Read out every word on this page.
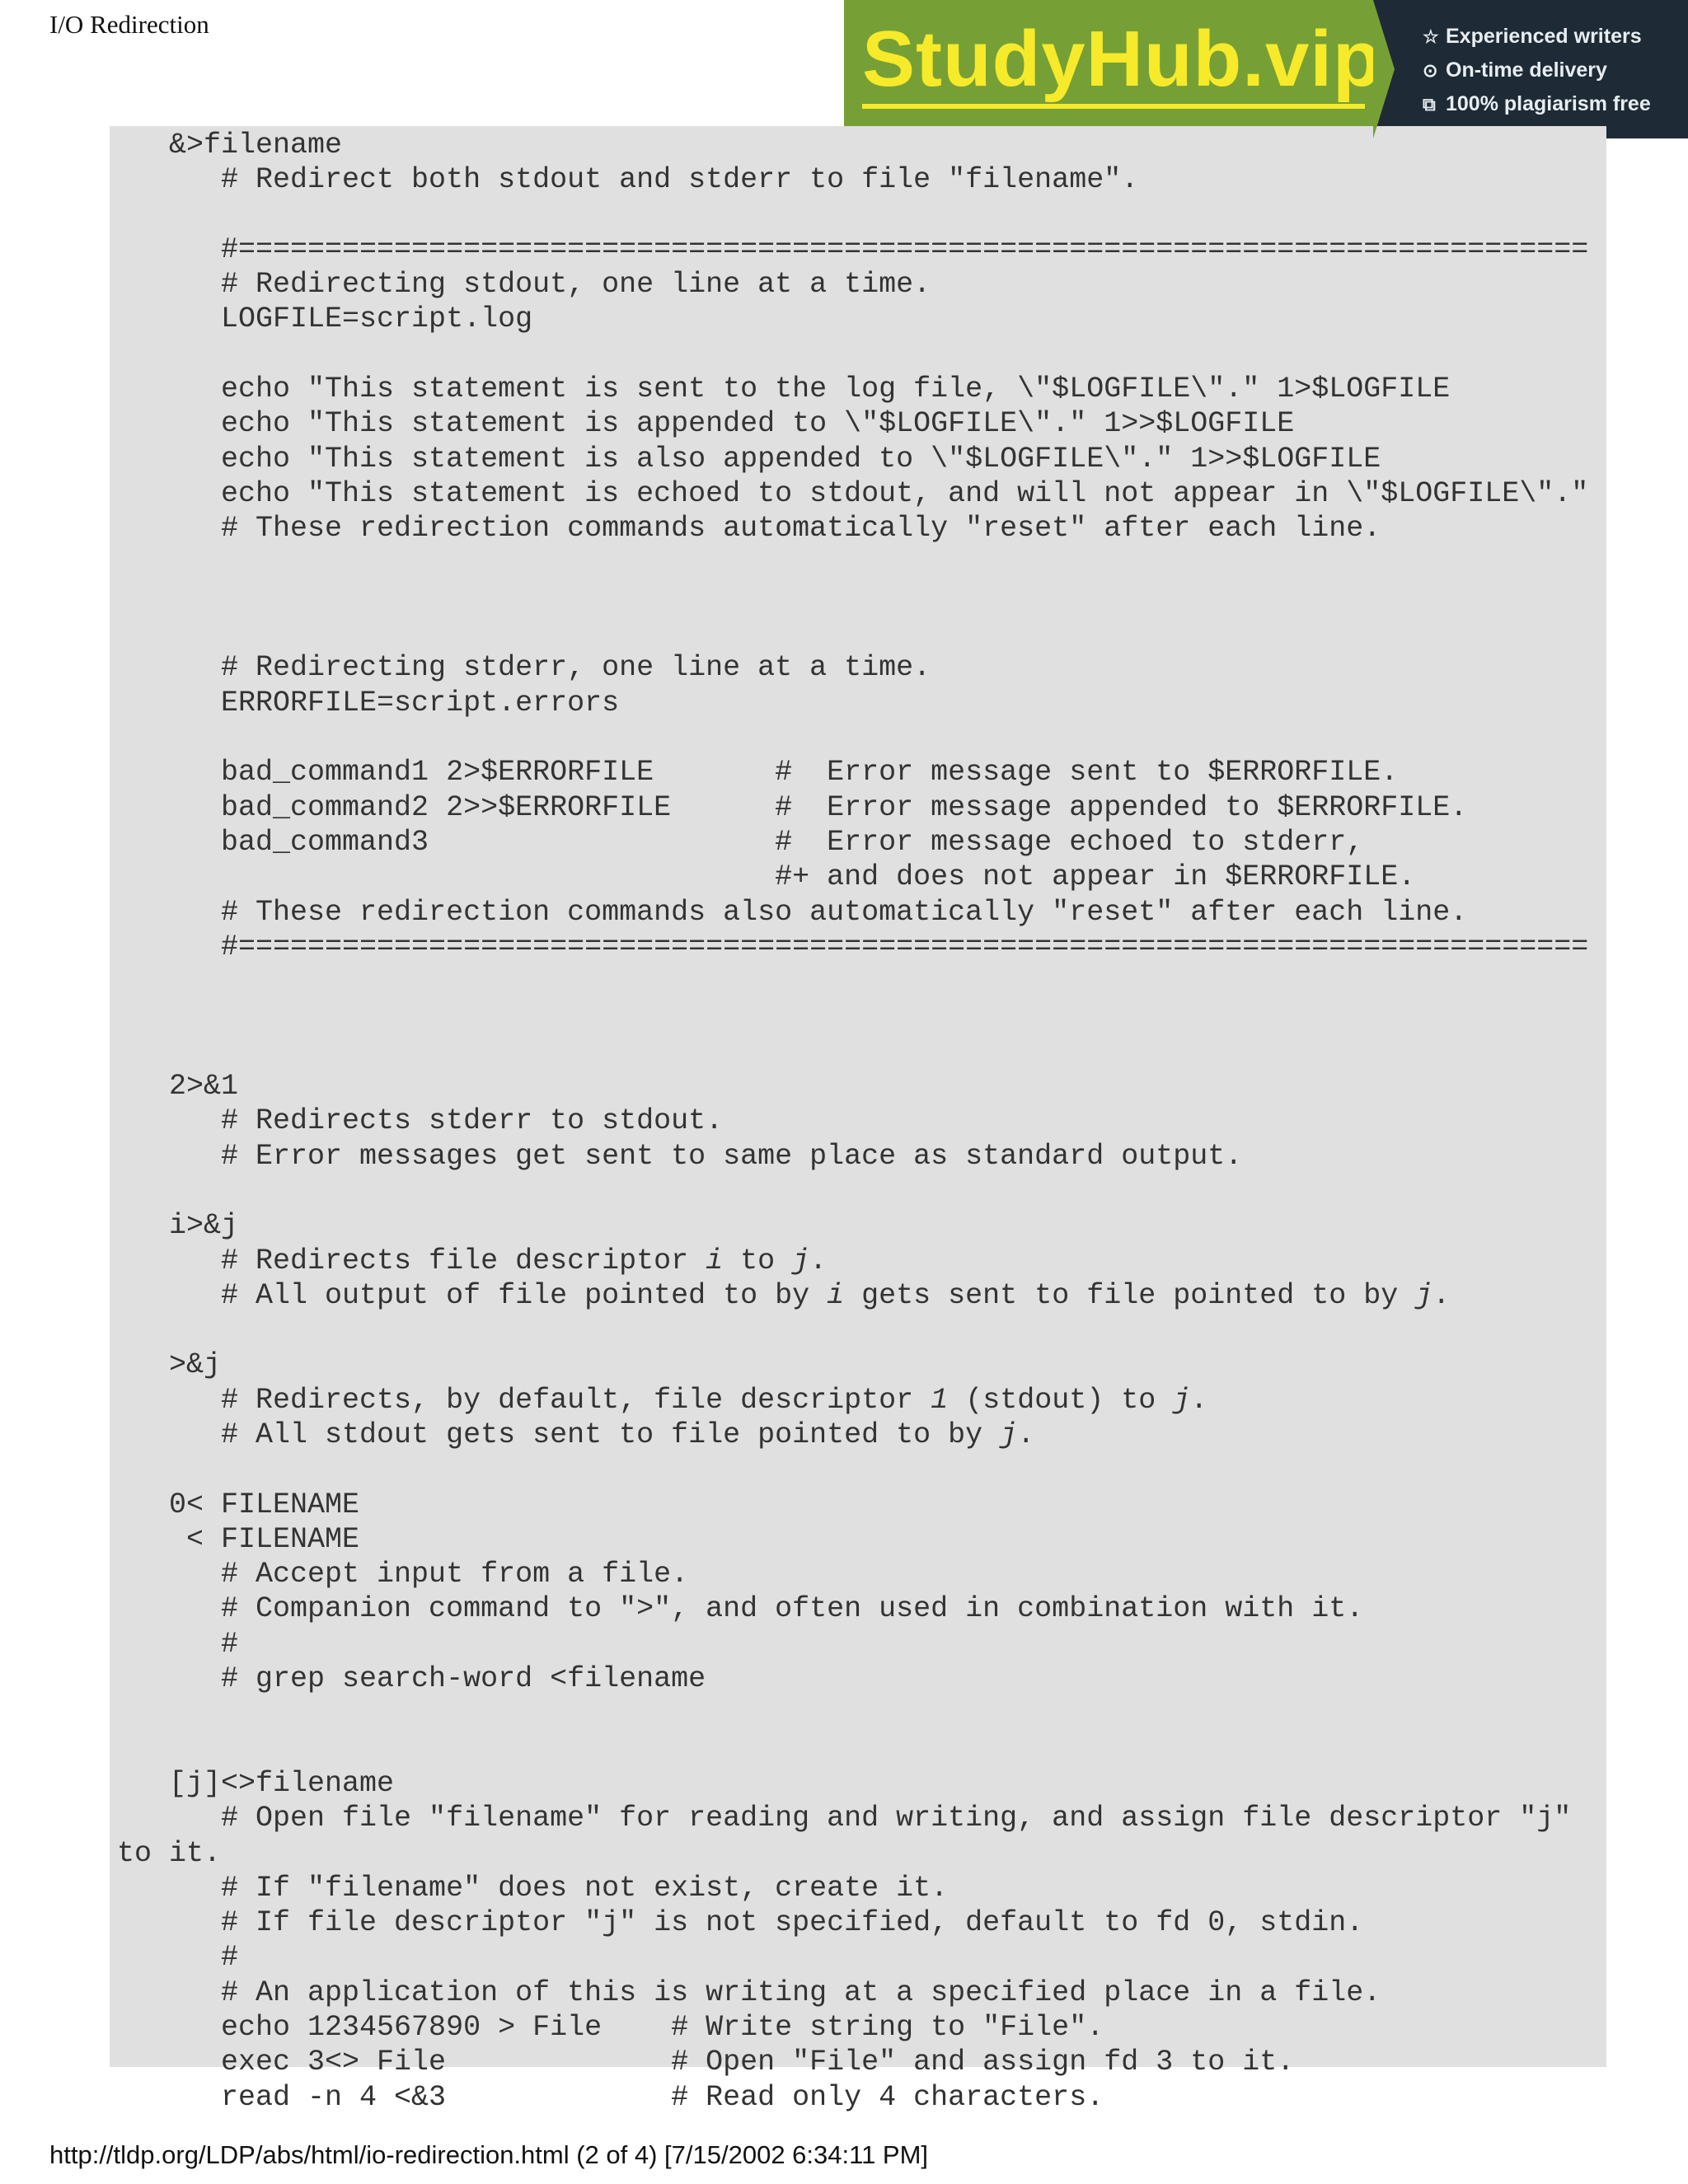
I/O Redirection	StudyHub.vip ☆ Experienced writers
⊙ On-time delivery
⧉ 100% plagiarism free
&>filename
# Redirect both stdout and stderr to file "filename".

#==============================================================================
# Redirecting stdout, one line at a time.
LOGFILE=script.log

echo "This statement is sent to the log file, \"$LOGFILE\"." 1>$LOGFILE
echo "This statement is appended to \"$LOGFILE\"." 1>>$LOGFILE
echo "This statement is also appended to \"$LOGFILE\"." 1>>$LOGFILE
echo "This statement is echoed to stdout, and will not appear in \"$LOGFILE\"."
# These redirection commands automatically "reset" after each line.

# Redirecting stderr, one line at a time.
ERRORFILE=script.errors

bad_command1 2>$ERRORFILE       #  Error message sent to $ERRORFILE.
bad_command2 2>>$ERRORFILE      #  Error message appended to $ERRORFILE.
bad_command3                    #  Error message echoed to stderr,
#+ and does not appear in $ERRORFILE.
# These redirection commands also automatically "reset" after each line.
#==============================================================================

2>&1
# Redirects stderr to stdout.
# Error messages get sent to same place as standard output.

i>&j
# Redirects file descriptor i to j.
# All output of file pointed to by i gets sent to file pointed to by j.

>&j
# Redirects, by default, file descriptor 1 (stdout) to j.
# All stdout gets sent to file pointed to by j.

0< FILENAME
< FILENAME
# Accept input from a file.
# Companion command to ">", and often used in combination with it.
#
# grep search-word <filename

[j]<>filename
# Open file "filename" for reading and writing, and assign file descriptor "j"
to it.
# If "filename" does not exist, create it.
# If file descriptor "j" is not specified, default to fd 0, stdin.
#
# An application of this is writing at a specified place in a file.
echo 1234567890 > File    # Write string to "File".
exec 3<> File             # Open "File" and assign fd 3 to it.
read -n 4 <&3             # Read only 4 characters.
http://tldp.org/LDP/abs/html/io-redirection.html (2 of 4) [7/15/2002 6:34:11 PM]
